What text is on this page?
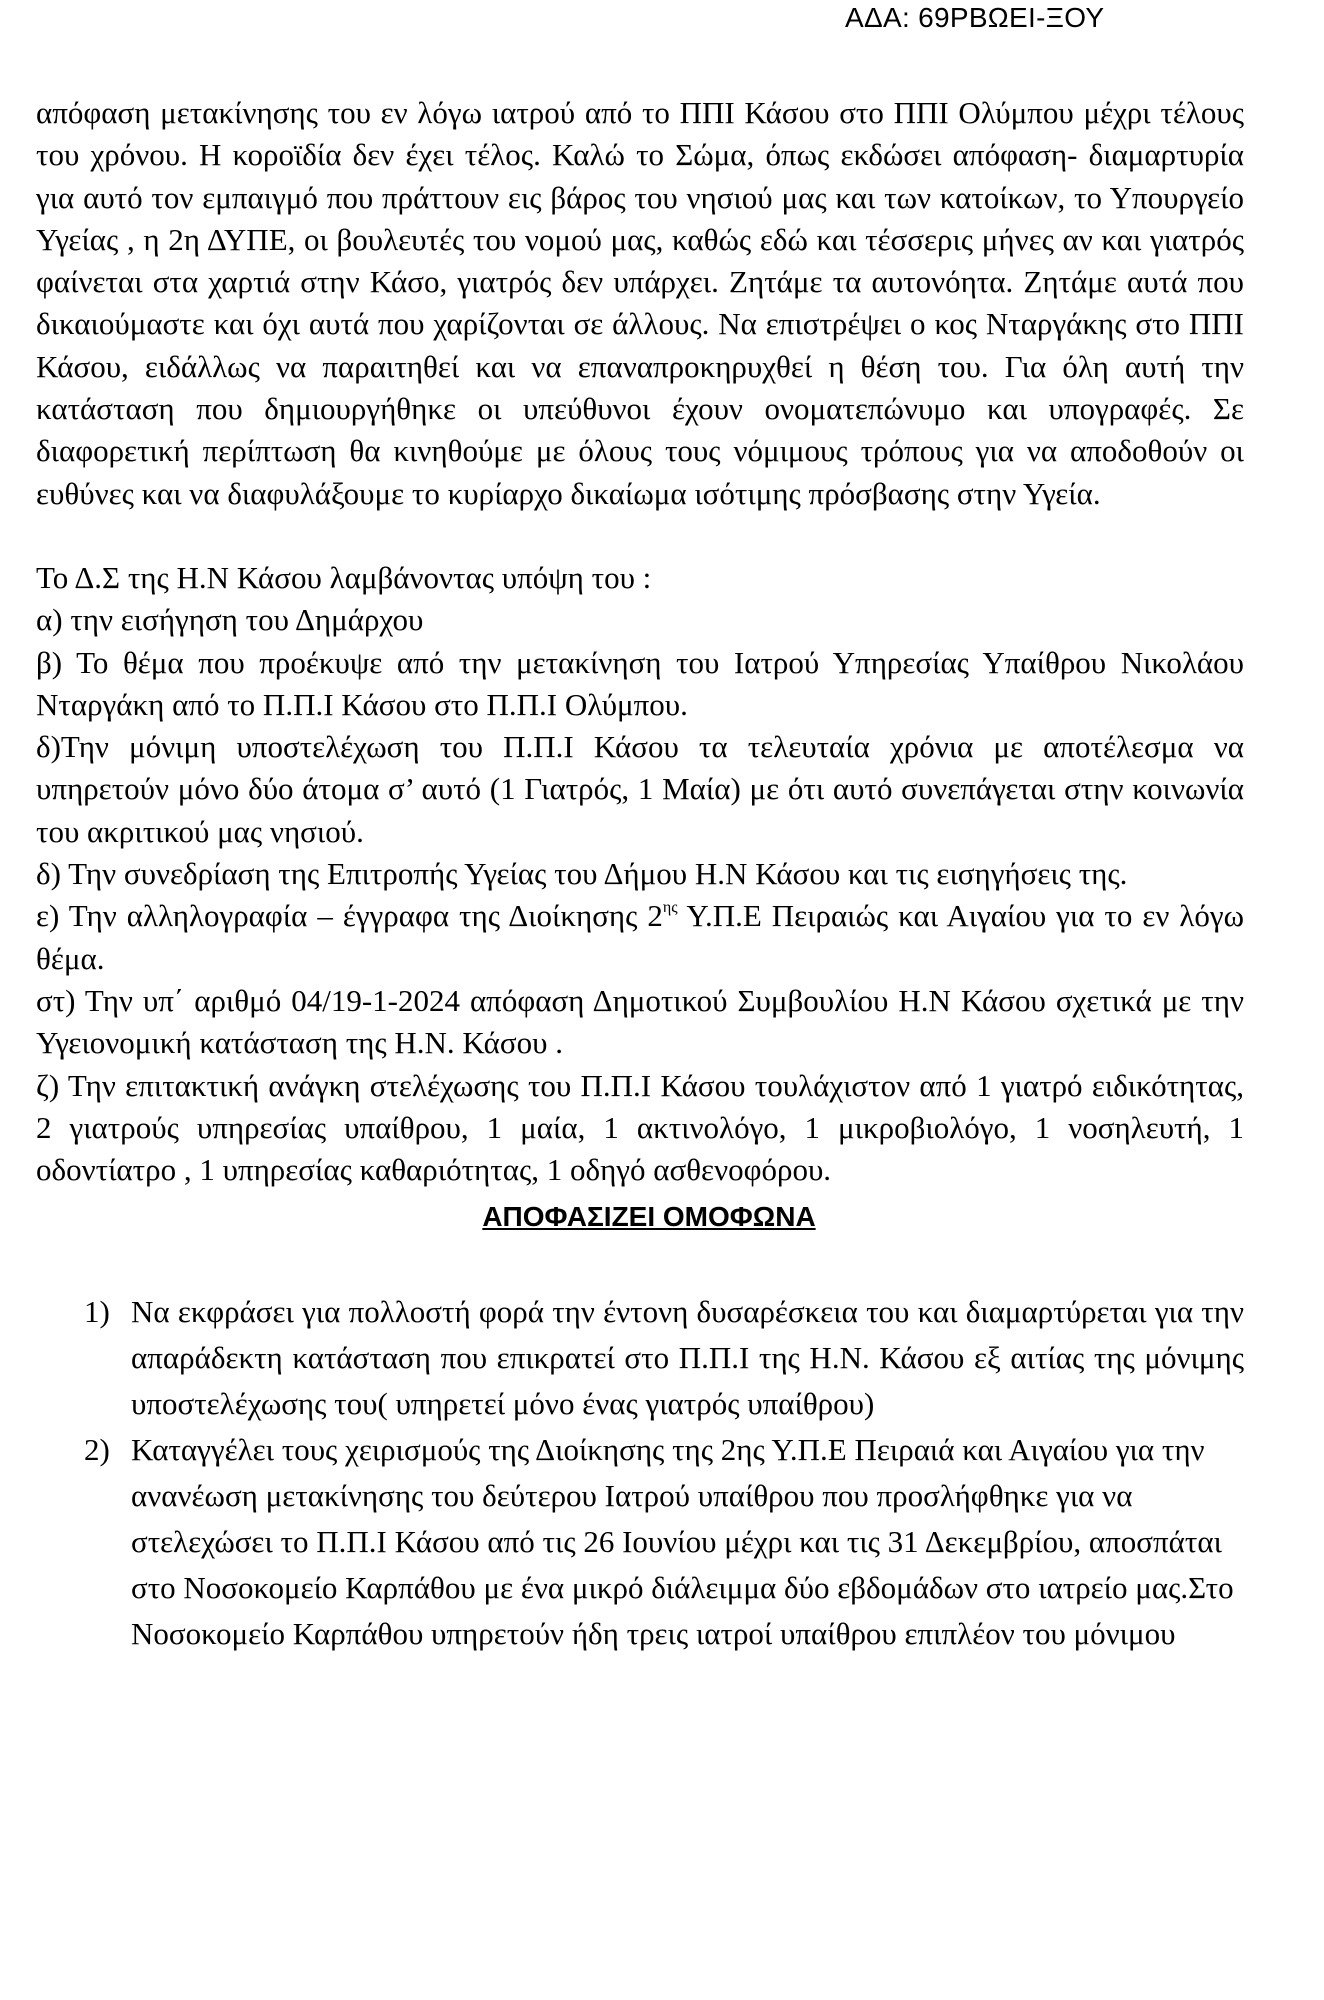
ΑΔΑ: 69ΡΒΩΕΙ-ΞΟΥ

απόφαση μετακίνησης του εν λόγω ιατρού από το ΠΠΙ Κάσου στο ΠΠΙ Ολύμπου μέχρι τέλους του χρόνου. Η κοροϊδία δεν έχει τέλος. Καλώ το Σώμα, όπως εκδώσει απόφαση- διαμαρτυρία για αυτό τον εμπαιγμό που πράττουν εις βάρος του νησιού μας και των κατοίκων, το Υπουργείο Υγείας , η 2η ΔΥΠΕ, οι βουλευτές του νομού μας, καθώς εδώ και τέσσερις μήνες αν και γιατρός φαίνεται στα χαρτιά στην Κάσο, γιατρός δεν υπάρχει. Ζητάμε τα αυτονόητα. Ζητάμε αυτά που δικαιούμαστε και όχι αυτά που χαρίζονται σε άλλους. Να επιστρέψει ο κος Νταργάκης στο ΠΠΙ Κάσου, ειδάλλως να παραιτηθεί και να επαναπροκηρυχθεί η θέση του. Για όλη αυτή την κατάσταση που δημιουργήθηκε οι υπεύθυνοι έχουν ονοματεπώνυμο και υπογραφές. Σε διαφορετική περίπτωση θα κινηθούμε με όλους τους νόμιμους τρόπους για να αποδοθούν οι ευθύνες και να διαφυλάξουμε το κυρίαρχο δικαίωμα ισότιμης πρόσβασης στην Υγεία.

Το Δ.Σ της Η.Ν Κάσου λαμβάνοντας υπόψη του :

α) την εισήγηση του Δημάρχου

β) Το θέμα που προέκυψε από την μετακίνηση του Ιατρού Υπηρεσίας Υπαίθρου Νικολάου Νταργάκη από το Π.Π.Ι Κάσου στο Π.Π.Ι Ολύμπου.

δ)Την μόνιμη υποστελέχωση του Π.Π.Ι Κάσου τα τελευταία χρόνια με αποτέλεσμα να υπηρετούν μόνο δύο άτομα σ’ αυτό (1 Γιατρός, 1 Μαία) με ότι αυτό συνεπάγεται στην κοινωνία του ακριτικού μας νησιού.

δ) Την συνεδρίαση της Επιτροπής Υγείας του Δήμου Η.Ν Κάσου και τις εισηγήσεις της.

ε) Την αλληλογραφία – έγγραφα της Διοίκησης $2^{\eta\varsigma}$ Υ.Π.Ε Πειραιώς και Αιγαίου για το εν λόγω θέμα.

στ) Την υπ΄ αριθμό 04/19-1-2024 απόφαση Δημοτικού Συμβουλίου Η.Ν Κάσου σχετικά με την Υγειονομική κατάσταση της Η.Ν. Κάσου .

ζ) Την επιτακτική ανάγκη στελέχωσης του Π.Π.Ι Κάσου τουλάχιστον από 1 γιατρό ειδικότητας, 2 γιατρούς υπηρεσίας υπαίθρου, 1 μαία, 1 ακτινολόγο, 1 μικροβιολόγο, 1 νοσηλευτή, 1 οδοντίατρο , 1 υπηρεσίας καθαριότητας, 1 οδηγό ασθενοφόρου.

ΑΠΟΦΑΣΙΖΕΙ ΟΜΟΦΩΝΑ
1) Να εκφράσει για πολλοστή φορά την έντονη δυσαρέσκεια του και διαμαρτύρεται για την απαράδεκτη κατάσταση που επικρατεί στο Π.Π.Ι της Η.Ν. Κάσου εξ αιτίας της μόνιμης υποστελέχωσης του( υπηρετεί μόνο ένας γιατρός υπαίθρου)
2) Καταγγέλει τους χειρισμούς της Διοίκησης της 2ης Υ.Π.Ε Πειραιά και Αιγαίου για την ανανέωση μετακίνησης του δεύτερου Ιατρού υπαίθρου που προσλήφθηκε για να στελεχώσει το Π.Π.Ι Κάσου από τις 26 Ιουνίου μέχρι και τις 31 Δεκεμβρίου, αποσπάται στο Νοσοκομείο Καρπάθου με ένα μικρό διάλειμμα δύο εβδομάδων στο ιατρείο μας.Στο Νοσοκομείο Καρπάθου υπηρετούν ήδη τρεις ιατροί υπαίθρου επιπλέον του μόνιμου
